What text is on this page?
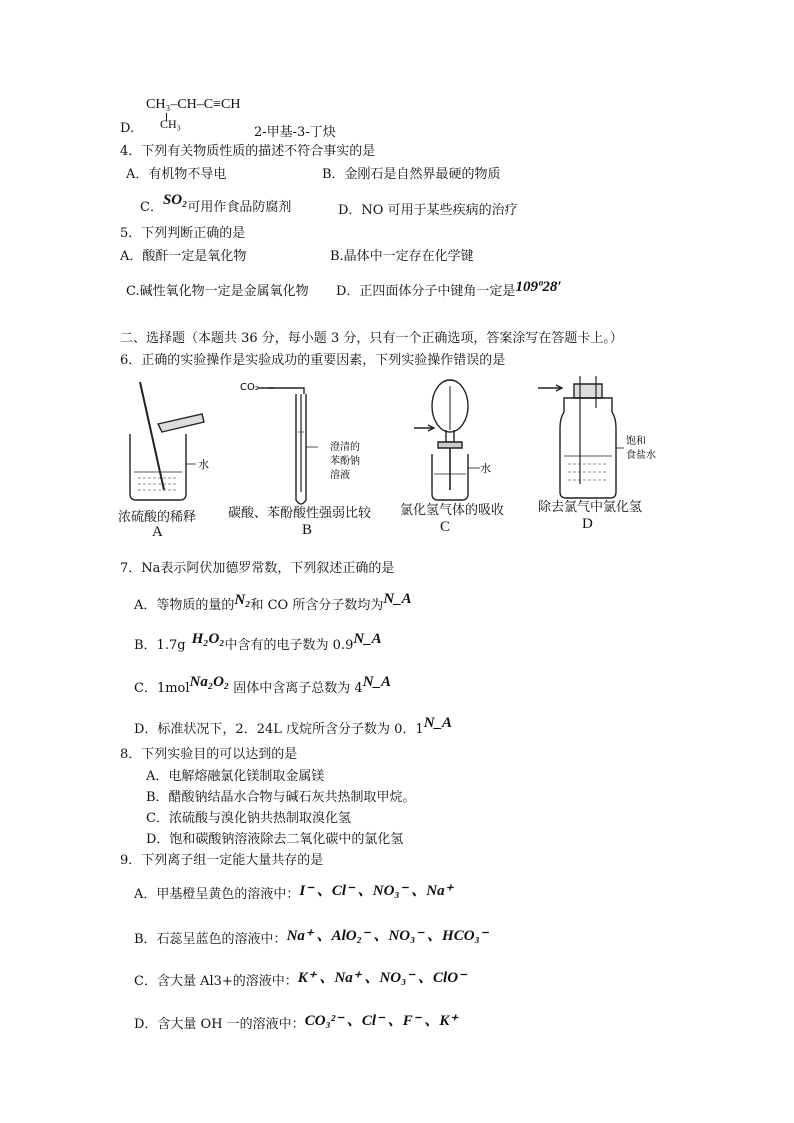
CH₃–CH–C≡CH
CH₃
D.	2-甲基-3-丁炔
4．下列有关物质性质的描述不符合事实的是
A．有机物不导电	B．金刚石是自然界最硬的物质
C．SO₂可用作食品防腐剂	D．NO 可用于某些疾病的治疗
5．下列判断正确的是
A．酸酐一定是氧化物	B.晶体中一定存在化学键
C.碱性氧化物一定是金属氧化物 D．正四面体分子中键角一定是109º28′
二、选择题（本题共 36 分，每小题 3 分，只有一个正确选项，答案涂写在答题卡上。）
6．正确的实验操作是实验成功的重要因素，下列实验操作错误的是
水
CO₂
澄清的
苯酚钠
溶液
水
饱和
食盐水
浓硫酸的稀释
A
碳酸、苯酚酸性强弱比较
B
氯化氢气体的吸收
C
除去氯气中氯化氢
D
7．Na表示阿伏加德罗常数，下列叙述正确的是
A．等物质的量的N₂和 CO 所含分子数均为N_A
B．1.7g H₂O₂中含有的电子数为 0.9N_A
C．1molNa₂O₂ 固体中含离子总数为 4N_A
D．标准状况下，2．24L 戊烷所含分子数为 0．1N_A
8．下列实验目的可以达到的是
A．电解熔融氯化镁制取金属镁
B．醋酸钠结晶水合物与碱石灰共热制取甲烷。
C．浓硫酸与溴化钠共热制取溴化氢
D．饱和碳酸钠溶液除去二氧化碳中的氯化氢
9．下列离子组一定能大量共存的是
A．甲基橙呈黄色的溶液中：I⁻ 、Cl⁻ 、NO₃⁻ 、Na⁺
B．石蕊呈蓝色的溶液中：Na⁺ 、AlO₂⁻ 、NO₃⁻ 、HCO₃⁻
C．含大量 Al3+的溶液中：K⁺ 、Na⁺ 、NO₃⁻ 、ClO⁻
D．含大量 OH 一的溶液中：CO₃²⁻ 、Cl⁻ 、F⁻ 、K⁺
